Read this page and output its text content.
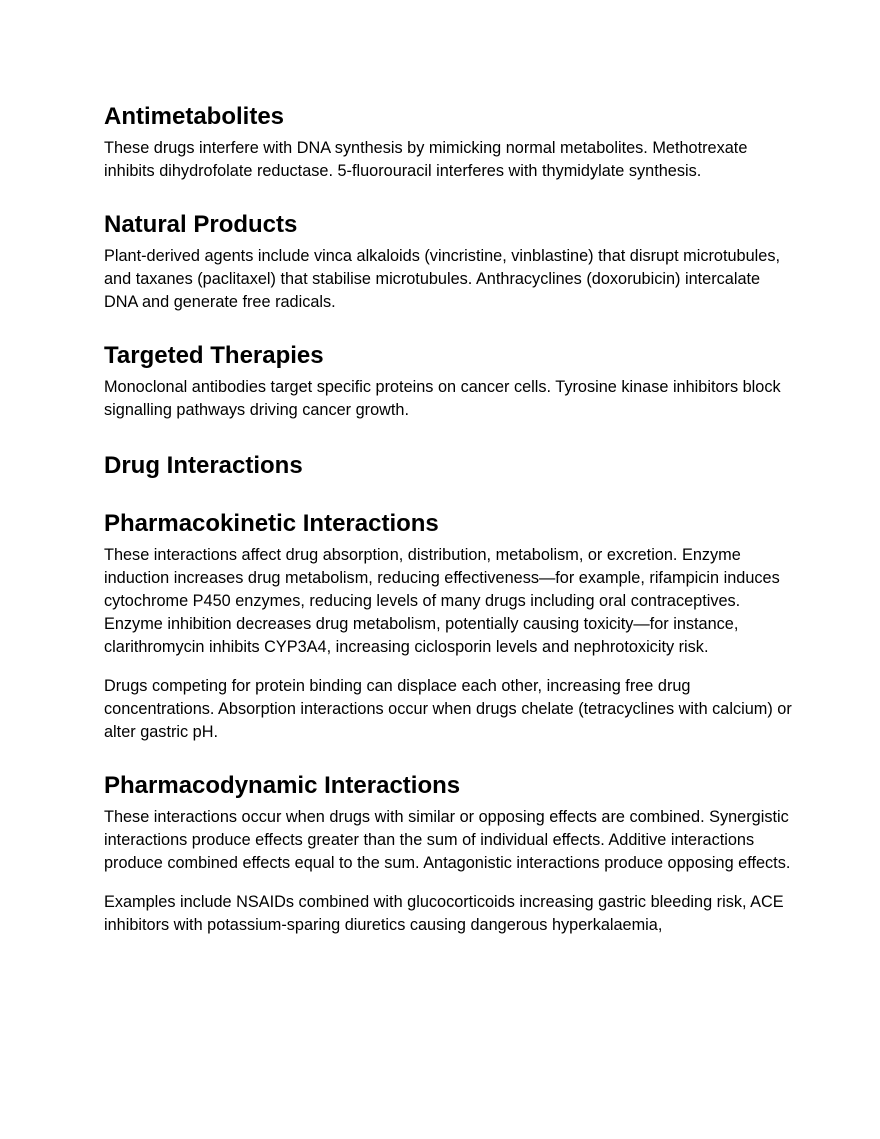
Antimetabolites

These drugs interfere with DNA synthesis by mimicking normal metabolites. Methotrexate inhibits dihydrofolate reductase. 5-fluorouracil interferes with thymidylate synthesis.

Natural Products

Plant-derived agents include vinca alkaloids (vincristine, vinblastine) that disrupt microtubules, and taxanes (paclitaxel) that stabilise microtubules. Anthracyclines (doxorubicin) intercalate DNA and generate free radicals.

Targeted Therapies

Monoclonal antibodies target specific proteins on cancer cells. Tyrosine kinase inhibitors block signalling pathways driving cancer growth.

Drug Interactions
Pharmacokinetic Interactions

These interactions affect drug absorption, distribution, metabolism, or excretion. Enzyme induction increases drug metabolism, reducing effectiveness—for example, rifampicin induces cytochrome P450 enzymes, reducing levels of many drugs including oral contraceptives. Enzyme inhibition decreases drug metabolism, potentially causing toxicity—for instance, clarithromycin inhibits CYP3A4, increasing ciclosporin levels and nephrotoxicity risk.

Drugs competing for protein binding can displace each other, increasing free drug concentrations. Absorption interactions occur when drugs chelate (tetracyclines with calcium) or alter gastric pH.

Pharmacodynamic Interactions

These interactions occur when drugs with similar or opposing effects are combined. Synergistic interactions produce effects greater than the sum of individual effects. Additive interactions produce combined effects equal to the sum. Antagonistic interactions produce opposing effects.

Examples include NSAIDs combined with glucocorticoids increasing gastric bleeding risk, ACE inhibitors with potassium-sparing diuretics causing dangerous hyperkalaemia,
